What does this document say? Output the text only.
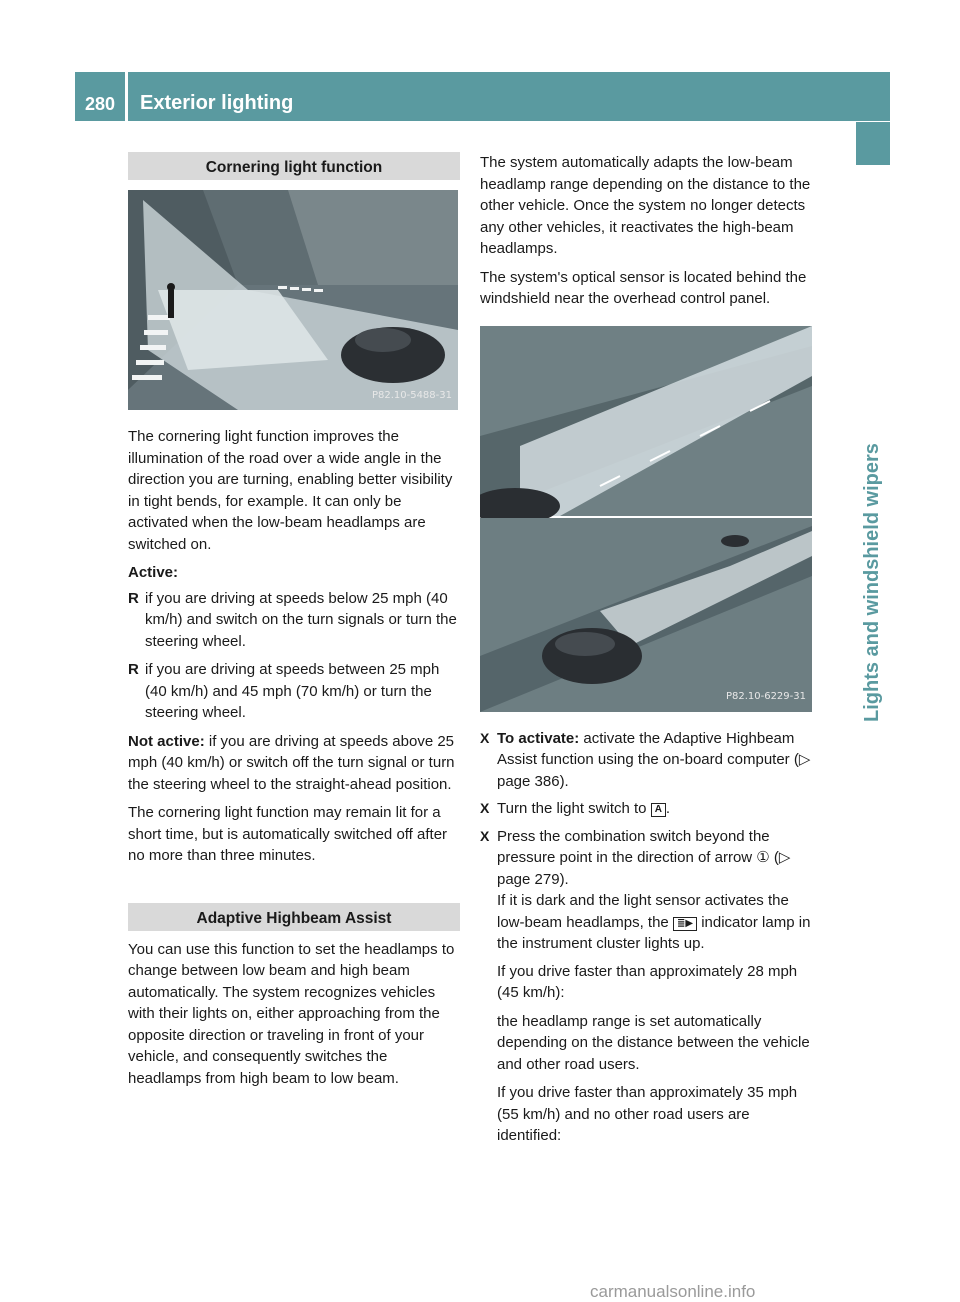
280	Exterior lighting
Lights and windshield wipers
Cornering light function
P82.10-5488-31

The cornering light function improves the illumination of the road over a wide angle in the direction you are turning, enabling better visibility in tight bends, for example. It can only be activated when the low-beam headlamps are switched on.

Active:

R if you are driving at speeds below 25 mph (40 km/h) and switch on the turn signals or turn the steering wheel.
R if you are driving at speeds between 25 mph (40 km/h) and 45 mph (70 km/h) or turn the steering wheel.

Not active: if you are driving at speeds above 25 mph (40 km/h) or switch off the turn signal or turn the steering wheel to the straight-ahead position.

The cornering light function may remain lit for a short time, but is automatically switched off after no more than three minutes.

Adaptive Highbeam Assist

You can use this function to set the headlamps to change between low beam and high beam automatically. The system recognizes vehicles with their lights on, either approaching from the opposite direction or traveling in front of your vehicle, and consequently switches the headlamps from high beam to low beam.

The system automatically adapts the low-beam headlamp range depending on the distance to the other vehicle. Once the system no longer detects any other vehicles, it reactivates the high-beam headlamps.

The system's optical sensor is located behind the windshield near the overhead control panel.

P82.10-6229-31
X To activate: activate the Adaptive Highbeam Assist function using the on-board computer (▷ page 386).
X Turn the light switch to A .
X Press the combination switch beyond the pressure point in the direction of arrow ① (▷ page 279).
If it is dark and the light sensor activates the low-beam headlamps, the ≣▶ indicator lamp in the instrument cluster lights up.

If you drive faster than approximately 28 mph (45 km/h):

the headlamp range is set automatically depending on the distance between the vehicle and other road users.

If you drive faster than approximately 35 mph (55 km/h) and no other road users are identified:

carmanualsonline.info
